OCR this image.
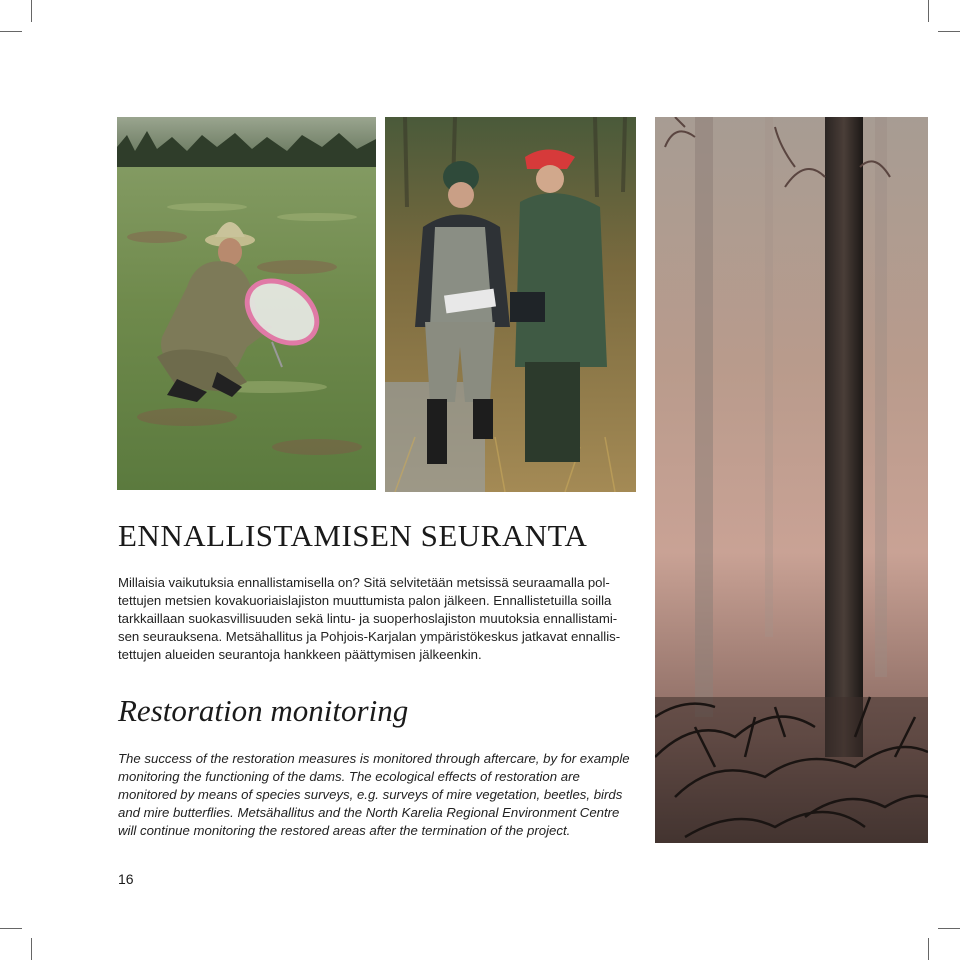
ENNALLISTAMISEN SEURANTA
Millaisia vaikutuksia ennallistamisella on? Sitä selvitetään metsissä seuraamalla pol-
tettujen metsien kovakuoriaislajiston muuttumista palon jälkeen. Ennallistetuilla soilla
tarkkaillaan suokasvillisuuden sekä lintu- ja suoperhoslajiston muutoksia ennallistami-
sen seurauksena. Metsähallitus ja Pohjois-Karjalan ympäristökeskus jatkavat ennallis-
tettujen alueiden seurantoja hankkeen päättymisen jälkeenkin.
Restoration monitoring
The success of the restoration measures is monitored through aftercare, by for example
monitoring the functioning of the dams. The ecological effects of restoration are
monitored by means of species surveys, e.g. surveys of mire vegetation, beetles, birds
and mire butterflies. Metsähallitus and the North Karelia Regional Environment Centre
will continue monitoring the restored areas after the termination of the project.
16
